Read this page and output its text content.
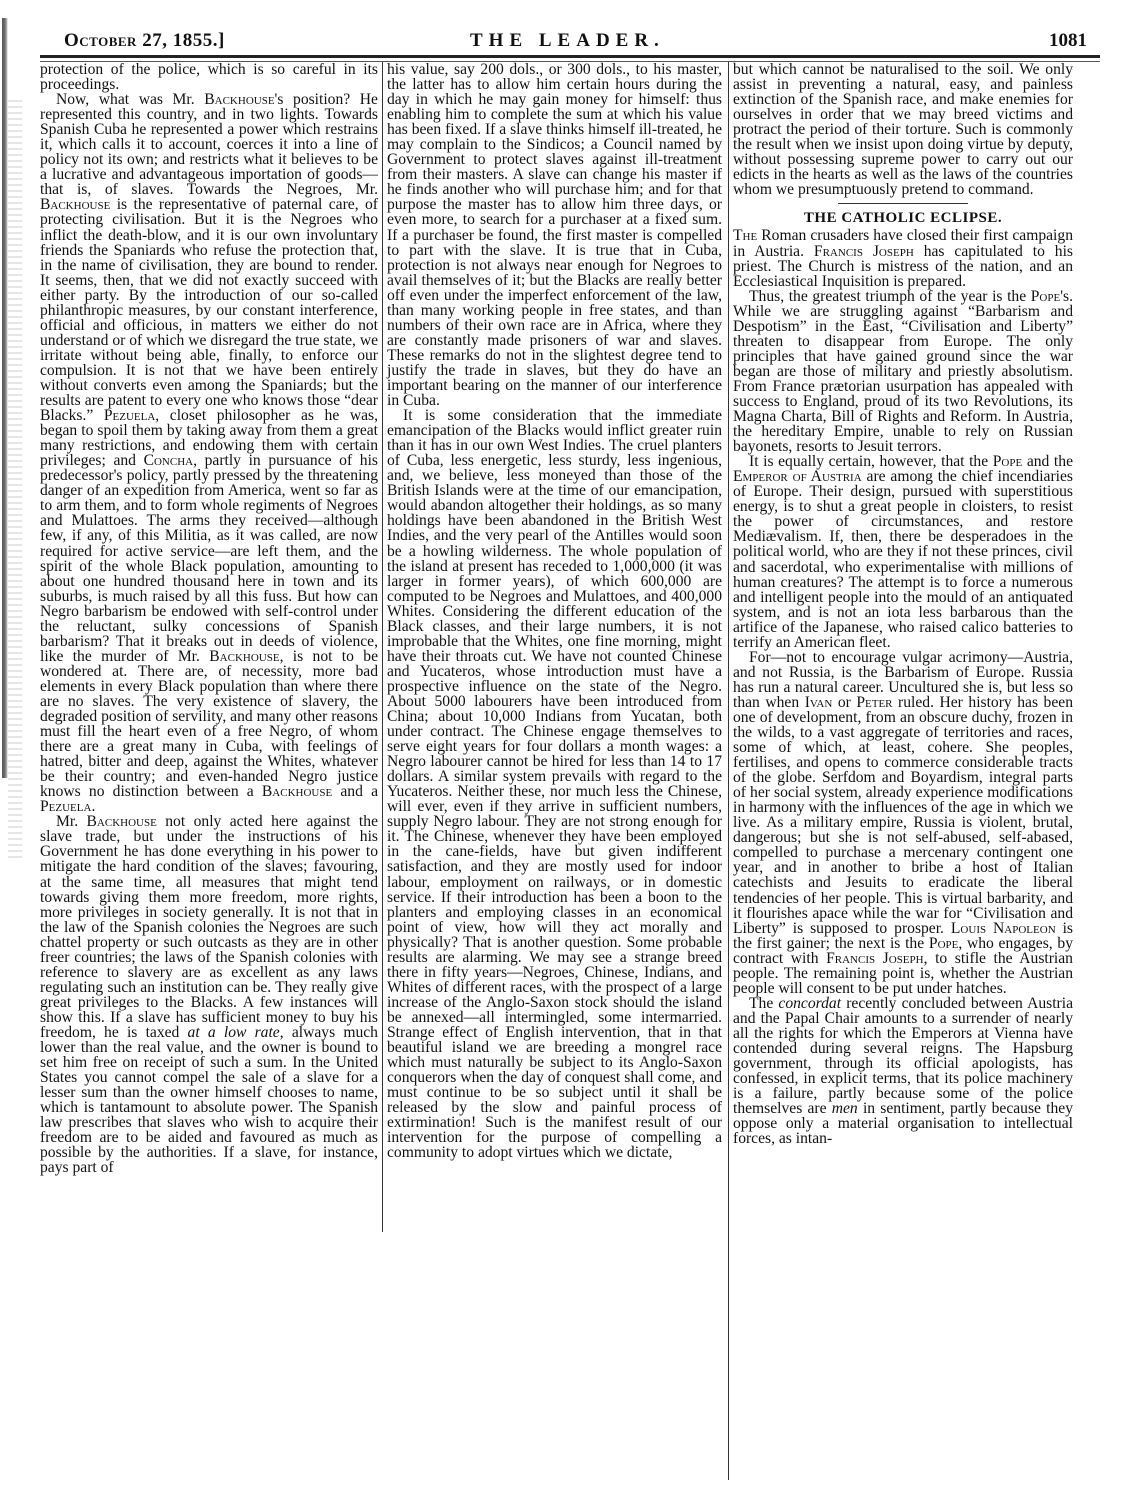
October 27, 1855.]	THE LEADER.	1081

protection of the police, which is so careful in its proceedings.

Now, what was Mr. Backhouse's position? He represented this country, and in two lights. Towards Spanish Cuba he represented a power which restrains it, which calls it to account, coerces it into a line of policy not its own; and restricts what it believes to be a lucrative and advantageous importation of goods—that is, of slaves. Towards the Negroes, Mr. Backhouse is the representative of paternal care, of protecting civilisation. But it is the Negroes who inflict the death-blow, and it is our own involuntary friends the Spaniards who refuse the protection that, in the name of civilisation, they are bound to render. It seems, then, that we did not exactly succeed with either party. By the introduction of our so-called philanthropic measures, by our constant interference, official and officious, in matters we either do not understand or of which we disregard the true state, we irritate without being able, finally, to enforce our compulsion. It is not that we have been entirely without converts even among the Spaniards; but the results are patent to every one who knows those “dear Blacks.” Pezuela, closet philosopher as he was, began to spoil them by taking away from them a great many restrictions, and endowing them with certain privileges; and Concha, partly in pursuance of his predecessor's policy, partly pressed by the threatening danger of an expedition from America, went so far as to arm them, and to form whole regiments of Negroes and Mulattoes. The arms they received—although few, if any, of this Militia, as it was called, are now required for active service—are left them, and the spirit of the whole Black population, amounting to about one hundred thousand here in town and its suburbs, is much raised by all this fuss. But how can Negro barbarism be endowed with self-control under the reluctant, sulky concessions of Spanish barbarism? That it breaks out in deeds of violence, like the murder of Mr. Backhouse, is not to be wondered at. There are, of necessity, more bad elements in every Black population than where there are no slaves. The very existence of slavery, the degraded position of servility, and many other reasons must fill the heart even of a free Negro, of whom there are a great many in Cuba, with feelings of hatred, bitter and deep, against the Whites, whatever be their country; and even-handed Negro justice knows no distinction between a Backhouse and a Pezuela.

Mr. Backhouse not only acted here against the slave trade, but under the instructions of his Government he has done everything in his power to mitigate the hard condition of the slaves; favouring, at the same time, all measures that might tend towards giving them more freedom, more rights, more privileges in society generally. It is not that in the law of the Spanish colonies the Negroes are such chattel property or such outcasts as they are in other freer countries; the laws of the Spanish colonies with reference to slavery are as excellent as any laws regulating such an institution can be. They really give great privileges to the Blacks. A few instances will show this. If a slave has sufficient money to buy his freedom, he is taxed at a low rate, always much lower than the real value, and the owner is bound to set him free on receipt of such a sum. In the United States you cannot compel the sale of a slave for a lesser sum than the owner himself chooses to name, which is tantamount to absolute power. The Spanish law prescribes that slaves who wish to acquire their freedom are to be aided and favoured as much as possible by the authorities. If a slave, for instance, pays part of

his value, say 200 dols., or 300 dols., to his master, the latter has to allow him certain hours during the day in which he may gain money for himself: thus enabling him to complete the sum at which his value has been fixed. If a slave thinks himself ill-treated, he may complain to the Sindicos; a Council named by Government to protect slaves against ill-treatment from their masters. A slave can change his master if he finds another who will purchase him; and for that purpose the master has to allow him three days, or even more, to search for a purchaser at a fixed sum. If a purchaser be found, the first master is compelled to part with the slave. It is true that in Cuba, protection is not always near enough for Negroes to avail themselves of it; but the Blacks are really better off even under the imperfect enforcement of the law, than many working people in free states, and than numbers of their own race are in Africa, where they are constantly made prisoners of war and slaves. These remarks do not in the slightest degree tend to justify the trade in slaves, but they do have an important bearing on the manner of our interference in Cuba.

It is some consideration that the immediate emancipation of the Blacks would inflict greater ruin than it has in our own West Indies. The cruel planters of Cuba, less energetic, less sturdy, less ingenious, and, we believe, less moneyed than those of the British Islands were at the time of our emancipation, would abandon altogether their holdings, as so many holdings have been abandoned in the British West Indies, and the very pearl of the Antilles would soon be a howling wilderness. The whole population of the island at present has receded to 1,000,000 (it was larger in former years), of which 600,000 are computed to be Negroes and Mulattoes, and 400,000 Whites. Considering the different education of the Black classes, and their large numbers, it is not improbable that the Whites, one fine morning, might have their throats cut. We have not counted Chinese and Yucateros, whose introduction must have a prospective influence on the state of the Negro. About 5000 labourers have been introduced from China; about 10,000 Indians from Yucatan, both under contract. The Chinese engage themselves to serve eight years for four dollars a month wages: a Negro labourer cannot be hired for less than 14 to 17 dollars. A similar system prevails with regard to the Yucateros. Neither these, nor much less the Chinese, will ever, even if they arrive in sufficient numbers, supply Negro labour. They are not strong enough for it. The Chinese, whenever they have been employed in the cane-fields, have but given indifferent satisfaction, and they are mostly used for indoor labour, employment on railways, or in domestic service. If their introduction has been a boon to the planters and employing classes in an economical point of view, how will they act morally and physically? That is another question. Some probable results are alarming. We may see a strange breed there in fifty years—Negroes, Chinese, Indians, and Whites of different races, with the prospect of a large increase of the Anglo-Saxon stock should the island be annexed—all intermingled, some intermarried. Strange effect of English intervention, that in that beautiful island we are breeding a mongrel race which must naturally be subject to its Anglo-Saxon conquerors when the day of conquest shall come, and must continue to be so subject until it shall be released by the slow and painful process of extirmination! Such is the manifest result of our intervention for the purpose of compelling a community to adopt virtues which we dictate,

but which cannot be naturalised to the soil. We only assist in preventing a natural, easy, and painless extinction of the Spanish race, and make enemies for ourselves in order that we may breed victims and protract the period of their torture. Such is commonly the result when we insist upon doing virtue by deputy, without possessing supreme power to carry out our edicts in the hearts as well as the laws of the countries whom we presumptuously pretend to command.

THE CATHOLIC ECLIPSE.

The Roman crusaders have closed their first campaign in Austria. Francis Joseph has capitulated to his priest. The Church is mistress of the nation, and an Ecclesiastical Inquisition is prepared.

Thus, the greatest triumph of the year is the Pope's. While we are struggling against “Barbarism and Despotism” in the East, “Civilisation and Liberty” threaten to disappear from Europe. The only principles that have gained ground since the war began are those of military and priestly absolutism. From France prætorian usurpation has appealed with success to England, proud of its two Revolutions, its Magna Charta, Bill of Rights and Reform. In Austria, the hereditary Empire, unable to rely on Russian bayonets, resorts to Jesuit terrors.

It is equally certain, however, that the Pope and the Emperor of Austria are among the chief incendiaries of Europe. Their design, pursued with superstitious energy, is to shut a great people in cloisters, to resist the power of circumstances, and restore Mediævalism. If, then, there be desperadoes in the political world, who are they if not these princes, civil and sacerdotal, who experimentalise with millions of human creatures? The attempt is to force a numerous and intelligent people into the mould of an antiquated system, and is not an iota less barbarous than the artifice of the Japanese, who raised calico batteries to terrify an American fleet.

For—not to encourage vulgar acrimony—Austria, and not Russia, is the Barbarism of Europe. Russia has run a natural career. Uncultured she is, but less so than when Ivan or Peter ruled. Her history has been one of development, from an obscure duchy, frozen in the wilds, to a vast aggregate of territories and races, some of which, at least, cohere. She peoples, fertilises, and opens to commerce considerable tracts of the globe. Serfdom and Boyardism, integral parts of her social system, already experience modifications in harmony with the influences of the age in which we live. As a military empire, Russia is violent, brutal, dangerous; but she is not self-abused, self-abased, compelled to purchase a mercenary contingent one year, and in another to bribe a host of Italian catechists and Jesuits to eradicate the liberal tendencies of her people. This is virtual barbarity, and it flourishes apace while the war for “Civilisation and Liberty” is supposed to prosper. Louis Napoleon is the first gainer; the next is the Pope, who engages, by contract with Francis Joseph, to stifle the Austrian people. The remaining point is, whether the Austrian people will consent to be put under hatches.

The concordat recently concluded between Austria and the Papal Chair amounts to a surrender of nearly all the rights for which the Emperors at Vienna have contended during several reigns. The Hapsburg government, through its official apologists, has confessed, in explicit terms, that its police machinery is a failure, partly because some of the police themselves are men in sentiment, partly because they oppose only a material organisation to intellectual forces, as intan-
